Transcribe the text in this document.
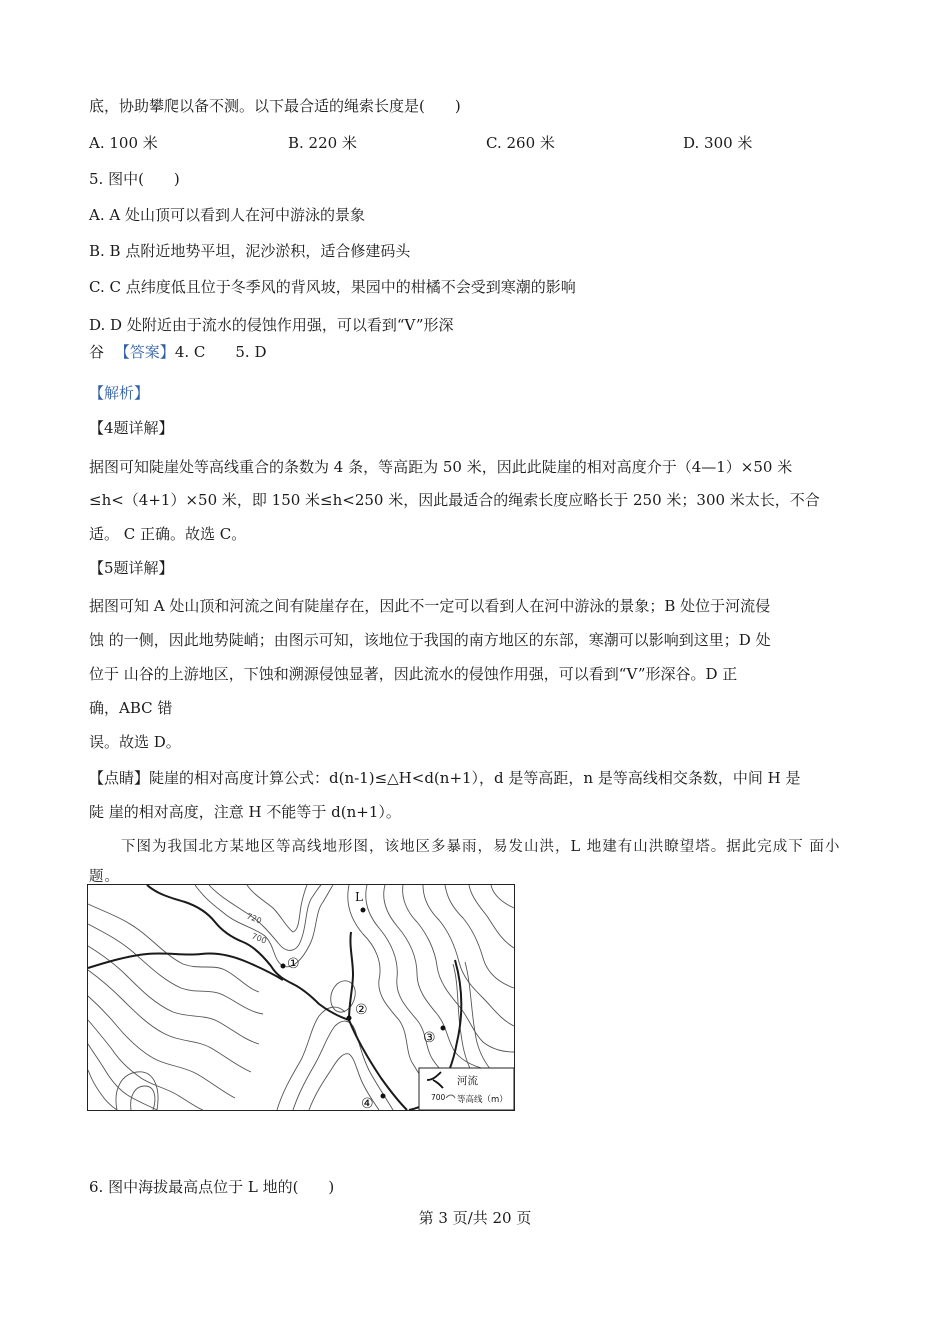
底，协助攀爬以备不测。以下最合适的绳索长度是(　　)
A. 100 米	B. 220 米	C. 260 米	D. 300 米
5. 图中(　　)
A. A 处山顶可以看到人在河中游泳的景象
B. B 点附近地势平坦，泥沙淤积，适合修建码头
C. C 点纬度低且位于冬季风的背风坡，果园中的柑橘不会受到寒潮的影响
D. D 处附近由于流水的侵蚀作用强，可以看到“V”形深
谷 【答案】4. C　　5. D
【解析】
【4题详解】
据图可知陡崖处等高线重合的条数为 4 条，等高距为 50 米，因此此陡崖的相对高度介于（4—1）×50 米
≤h<（4+1）×50 米，即 150 米≤h<250 米，因此最适合的绳索长度应略长于 250 米；300 米太长，不合
适。 C 正确。故选 C。
【5题详解】
据图可知 A 处山顶和河流之间有陡崖存在，因此不一定可以看到人在河中游泳的景象；B 处位于河流侵
蚀 的一侧，因此地势陡峭；由图示可知，该地位于我国的南方地区的东部，寒潮可以影响到这里；D 处
位于 山谷的上游地区，下蚀和溯源侵蚀显著，因此流水的侵蚀作用强，可以看到“V”形深谷。D 正
确，ABC 错
误。故选 D。
【点睛】陡崖的相对高度计算公式：d(n-1)≤△H<d(n+1），d 是等高距，n 是等高线相交条数，中间 H 是
陡 崖的相对高度，注意 H 不能等于 d(n+1）。
下图为我国北方某地区等高线地形图，该地区多暴雨，易发山洪，L 地建有山洪瞭望塔。据此完成下 面小题。
720
700
L
①
②
③
④
河流
700 等高线（m）
6. 图中海拔最高点位于 L 地的(　　)
第 3 页/共 20 页
